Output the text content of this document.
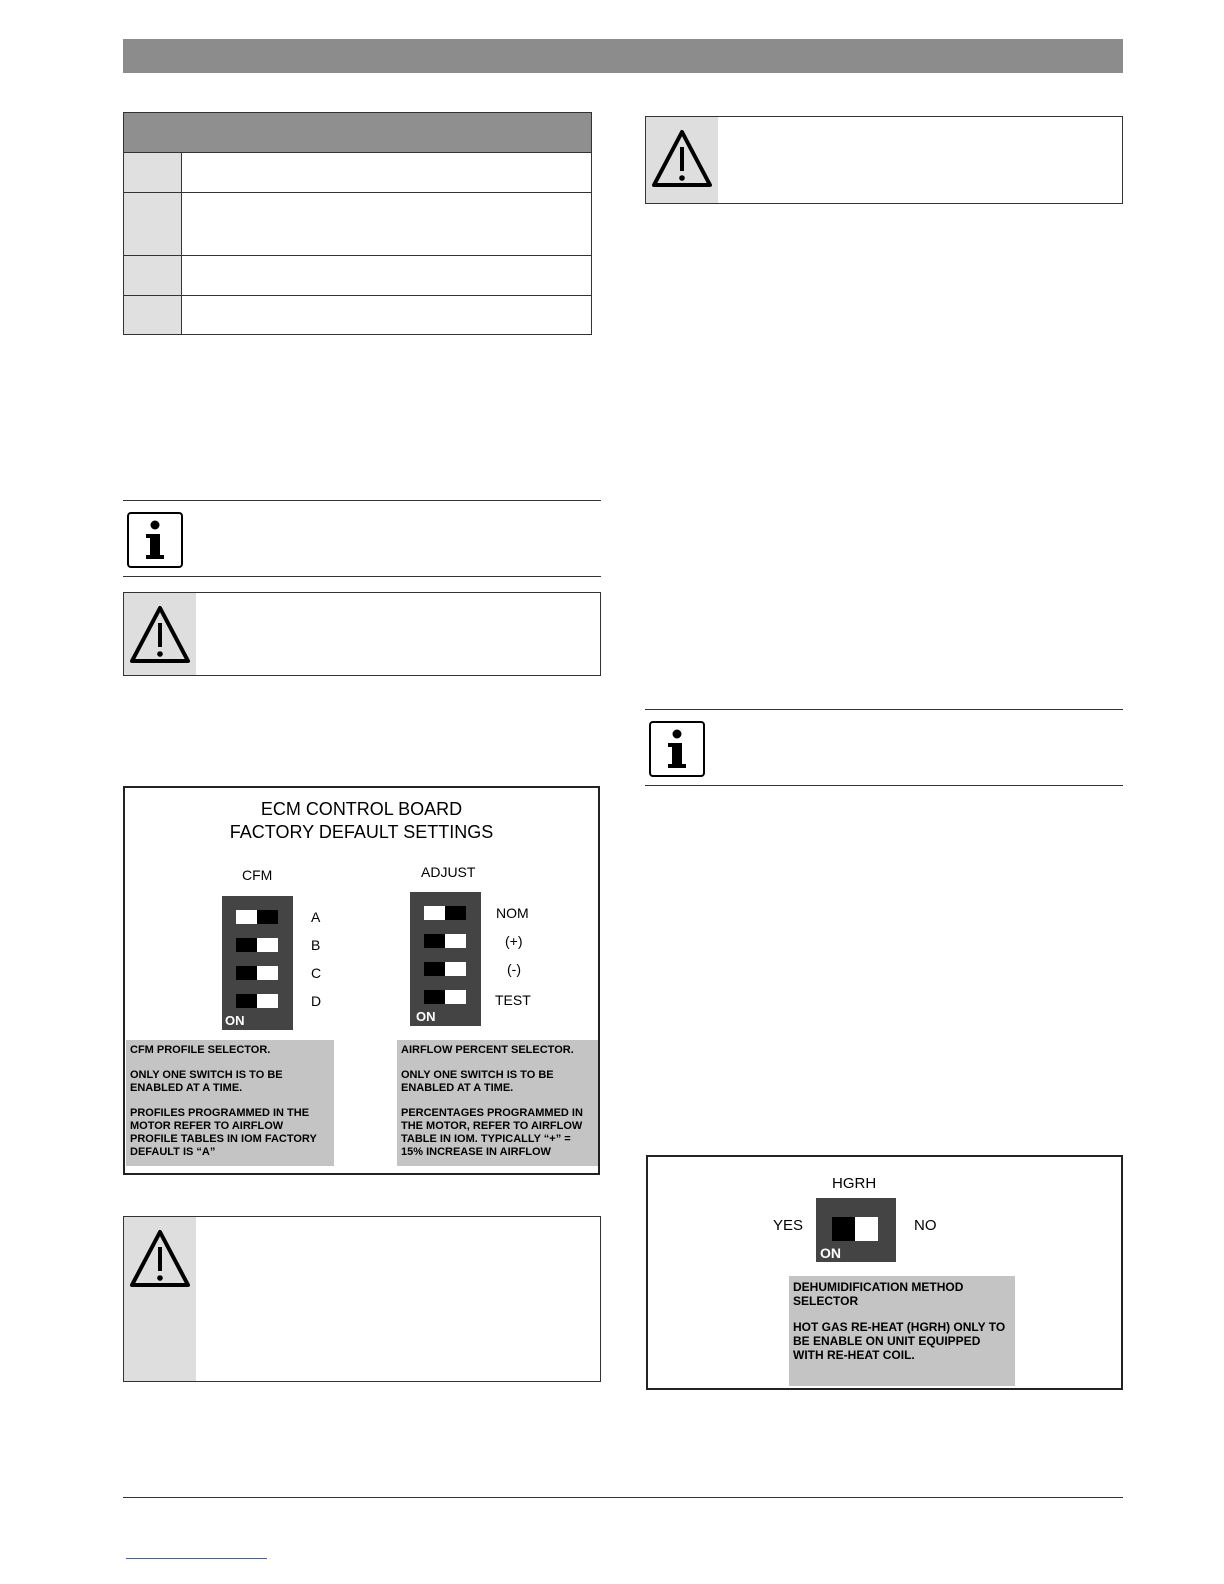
ECM CONTROL BOARD
FACTORY DEFAULT SETTINGS
CFM
ON
A
B
C
D
ADJUST
ON
NOM
(+)
(-)
TEST

CFM PROFILE SELECTOR.

ONLY ONE SWITCH IS TO BE ENABLED AT A TIME.

PROFILES PROGRAMMED IN THE MOTOR REFER TO AIRFLOW PROFILE TABLES IN IOM FACTORY DEFAULT IS “A”

AIRFLOW PERCENT SELECTOR.

ONLY ONE SWITCH IS TO BE ENABLED AT A TIME.

PERCENTAGES PROGRAMMED IN THE MOTOR, REFER TO AIRFLOW TABLE IN IOM. TYPICALLY “+” = 15% INCREASE IN AIRFLOW

HGRH
YES	NO
ON

DEHUMIDIFICATION METHOD SELECTOR

HOT GAS RE-HEAT (HGRH) ONLY TO BE ENABLE ON UNIT EQUIPPED WITH RE-HEAT COIL.
